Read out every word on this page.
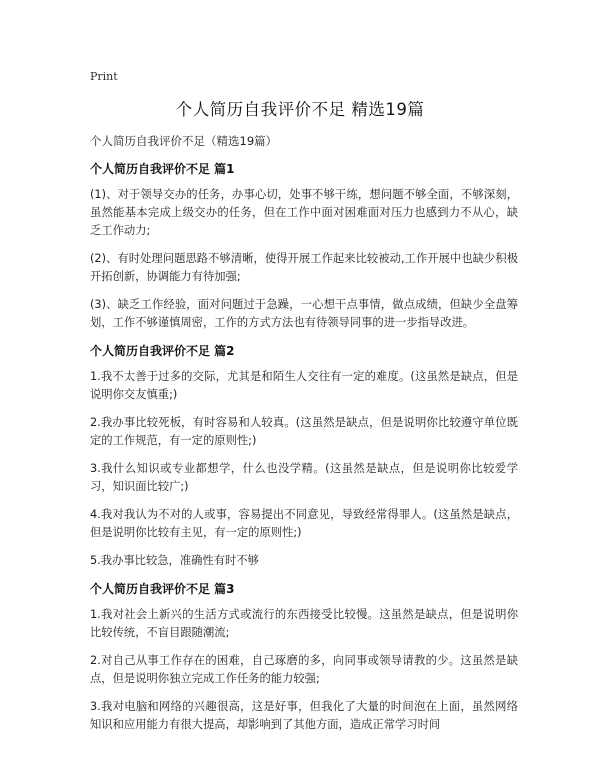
Print
个人简历自我评价不足 精选19篇
个人简历自我评价不足（精选19篇）
个人简历自我评价不足 篇1

(1)、对于领导交办的任务，办事心切，处事不够干练，想问题不够全面，不够深刻，虽然能基本完成上级交办的任务，但在工作中面对困难面对压力也感到力不从心，缺乏工作动力;

(2)、有时处理问题思路不够清晰，使得开展工作起来比较被动,工作开展中也缺少积极开拓创新，协调能力有待加强;

(3)、缺乏工作经验，面对问题过于急躁，一心想干点事情，做点成绩，但缺少全盘筹划，工作不够谨慎周密，工作的方式方法也有待领导同事的进一步指导改进。

个人简历自我评价不足 篇2

1.我不太善于过多的交际，尤其是和陌生人交往有一定的难度。(这虽然是缺点，但是说明你交友慎重;)

2.我办事比较死板，有时容易和人较真。(这虽然是缺点，但是说明你比较遵守单位既定的工作规范，有一定的原则性;)

3.我什么知识或专业都想学，什么也没学精。(这虽然是缺点，但是说明你比较爱学习，知识面比较广;)

4.我对我认为不对的人或事，容易提出不同意见，导致经常得罪人。(这虽然是缺点，但是说明你比较有主见，有一定的原则性;)

5.我办事比较急，准确性有时不够

个人简历自我评价不足 篇3

1.我对社会上新兴的生活方式或流行的东西接受比较慢。这虽然是缺点，但是说明你比较传统，不盲目跟随潮流;

2.对自己从事工作存在的困难，自己琢磨的多，向同事或领导请教的少。这虽然是缺点，但是说明你独立完成工作任务的能力较强;

3.我对电脑和网络的兴趣很高，这是好事，但我化了大量的时间泡在上面，虽然网络知识和应用能力有很大提高，却影响到了其他方面，造成正常学习时间
